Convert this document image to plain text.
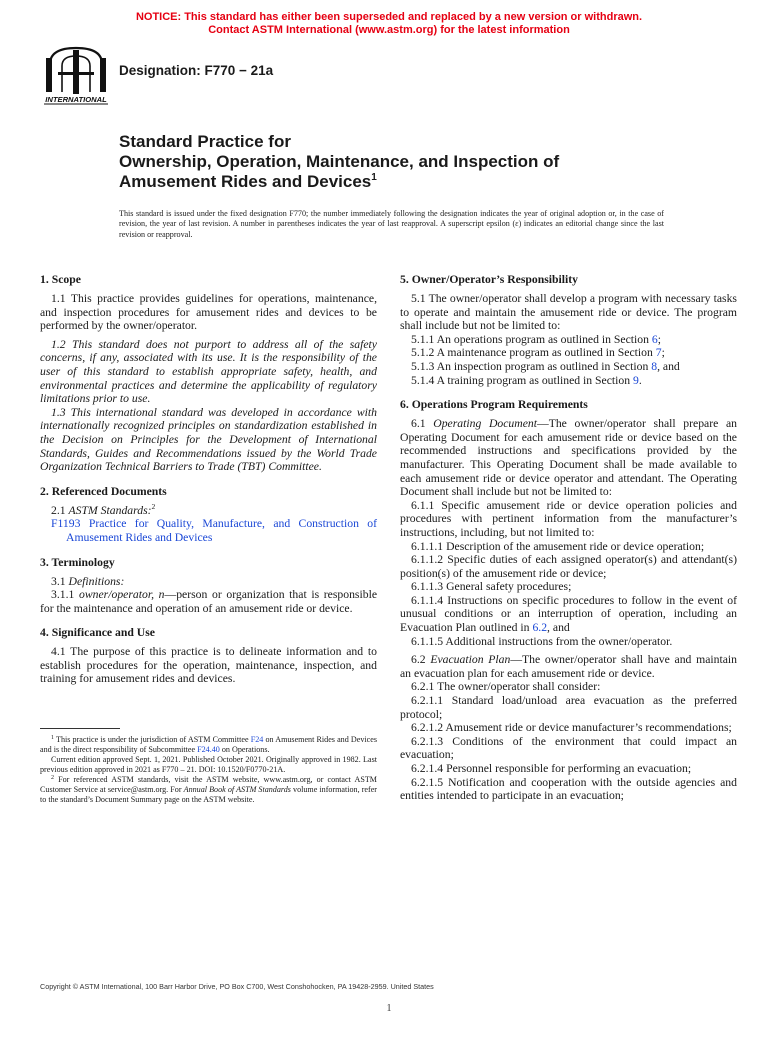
NOTICE: This standard has either been superseded and replaced by a new version or withdrawn.
Contact ASTM International (www.astm.org) for the latest information
INTERNATIONAL
Designation: F770 − 21a
Standard Practice for
Ownership, Operation, Maintenance, and Inspection of
Amusement Rides and Devices$^1$
This standard is issued under the fixed designation F770; the number immediately following the designation indicates the year of original adoption or, in the case of revision, the year of last revision. A number in parentheses indicates the year of last reapproval. A superscript epsilon (ε) indicates an editorial change since the last revision or reapproval.
1. Scope

1.1 This practice provides guidelines for operations, maintenance, and inspection procedures for amusement rides and devices to be performed by the owner/operator.

1.2 This standard does not purport to address all of the safety concerns, if any, associated with its use. It is the responsibility of the user of this standard to establish appropriate safety, health, and environmental practices and determine the applicability of regulatory limitations prior to use.

1.3 This international standard was developed in accordance with internationally recognized principles on standardization established in the Decision on Principles for the Development of International Standards, Guides and Recommendations issued by the World Trade Organization Technical Barriers to Trade (TBT) Committee.

2. Referenced Documents

2.1 ASTM Standards:$^2$

F1193 Practice for Quality, Manufacture, and Construction of Amusement Rides and Devices

3. Terminology

3.1 Definitions:

3.1.1 owner/operator, n—person or organization that is responsible for the maintenance and operation of an amusement ride or device.

4. Significance and Use

4.1 The purpose of this practice is to delineate information and to establish procedures for the operation, maintenance, inspection, and training for amusement rides and devices.

$^1$ This practice is under the jurisdiction of ASTM Committee F24 on Amusement Rides and Devices and is the direct responsibility of Subcommittee F24.40 on Operations.

Current edition approved Sept. 1, 2021. Published October 2021. Originally approved in 1982. Last previous edition approved in 2021 as F770 – 21. DOI: 10.1520/F0770-21A.

$^2$ For referenced ASTM standards, visit the ASTM website, www.astm.org, or contact ASTM Customer Service at service@astm.org. For Annual Book of ASTM Standards volume information, refer to the standard’s Document Summary page on the ASTM website.

5. Owner/Operator’s Responsibility

5.1 The owner/operator shall develop a program with necessary tasks to operate and maintain the amusement ride or device. The program shall include but not be limited to:

5.1.1 An operations program as outlined in Section 6;

5.1.2 A maintenance program as outlined in Section 7;

5.1.3 An inspection program as outlined in Section 8, and

5.1.4 A training program as outlined in Section 9.

6. Operations Program Requirements

6.1 Operating Document—The owner/operator shall prepare an Operating Document for each amusement ride or device based on the recommended instructions and specifications provided by the manufacturer. This Operating Document shall be made available to each amusement ride or device operator and attendant. The Operating Document shall include but not be limited to:

6.1.1 Specific amusement ride or device operation policies and procedures with pertinent information from the manufacturer’s instructions, including, but not limited to:

6.1.1.1 Description of the amusement ride or device operation;

6.1.1.2 Specific duties of each assigned operator(s) and attendant(s) position(s) of the amusement ride or device;

6.1.1.3 General safety procedures;

6.1.1.4 Instructions on specific procedures to follow in the event of unusual conditions or an interruption of operation, including an Evacuation Plan outlined in 6.2, and

6.1.1.5 Additional instructions from the owner/operator.

6.2 Evacuation Plan—The owner/operator shall have and maintain an evacuation plan for each amusement ride or device.

6.2.1 The owner/operator shall consider:

6.2.1.1 Standard load/unload area evacuation as the preferred protocol;

6.2.1.2 Amusement ride or device manufacturer’s recommendations;

6.2.1.3 Conditions of the environment that could impact an evacuation;

6.2.1.4 Personnel responsible for performing an evacuation;

6.2.1.5 Notification and cooperation with the outside agencies and entities intended to participate in an evacuation;

Copyright © ASTM International, 100 Barr Harbor Drive, PO Box C700, West Conshohocken, PA 19428-2959. United States
1
